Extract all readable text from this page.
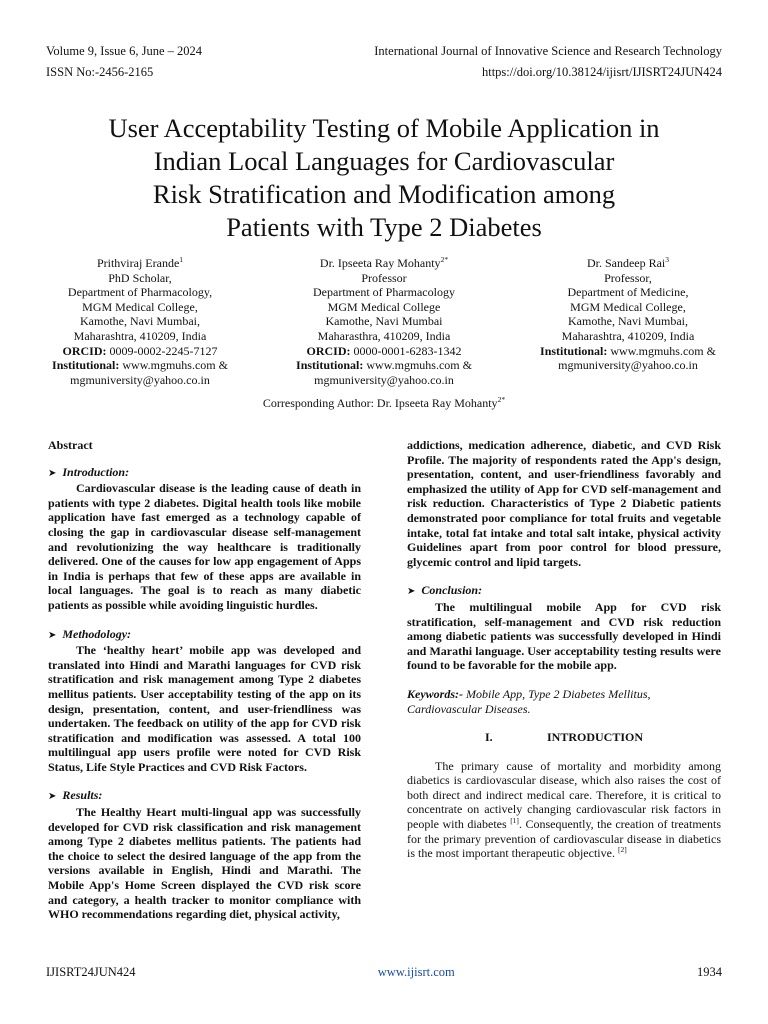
Volume 9, Issue 6, June – 2024	International Journal of Innovative Science and Research Technology
ISSN No:-2456-2165	https://doi.org/10.38124/ijisrt/IJISRT24JUN424
User Acceptability Testing of Mobile Application in
Indian Local Languages for Cardiovascular
Risk Stratification and Modification among
Patients with Type 2 Diabetes
Prithviraj Erande$^1$
PhD Scholar,
Department of Pharmacology,
MGM Medical College,
Kamothe, Navi Mumbai,
Maharashtra, 410209, India
ORCID: 0009-0002-2245-7127
Institutional: www.mgmuhs.com &
mgmuniversity@yahoo.co.in
Dr. Ipseeta Ray Mohanty$^{2*}$
Professor
Department of Pharmacology
MGM Medical College
Kamothe, Navi Mumbai
Maharasthra, 410209, India
ORCID: 0000-0001-6283-1342
Institutional: www.mgmuhs.com &
mgmuniversity@yahoo.co.in
Dr. Sandeep Rai$^3$
Professor,
Department of Medicine,
MGM Medical College,
Kamothe, Navi Mumbai,
Maharashtra, 410209, India
Institutional: www.mgmuhs.com &
mgmuniversity@yahoo.co.in
Corresponding Author: Dr. Ipseeta Ray Mohanty$^{2*}$

Abstract

➤ Introduction:

Cardiovascular disease is the leading cause of death in patients with type 2 diabetes. Digital health tools like mobile application have fast emerged as a technology capable of closing the gap in cardiovascular disease self-management and revolutionizing the way healthcare is traditionally delivered. One of the causes for low app engagement of Apps in India is perhaps that few of these apps are available in local languages. The goal is to reach as many diabetic patients as possible while avoiding linguistic hurdles.

➤ Methodology:

The ‘healthy heart’ mobile app was developed and translated into Hindi and Marathi languages for CVD risk stratification and risk management among Type 2 diabetes mellitus patients. User acceptability testing of the app on its design, presentation, content, and user-friendliness was undertaken. The feedback on utility of the app for CVD risk stratification and modification was assessed. A total 100 multilingual app users profile were noted for CVD Risk Status, Life Style Practices and CVD Risk Factors.

➤ Results:

The Healthy Heart multi-lingual app was successfully developed for CVD risk classification and risk management among Type 2 diabetes mellitus patients. The patients had the choice to select the desired language of the app from the versions available in English, Hindi and Marathi. The Mobile App's Home Screen displayed the CVD risk score and category, a health tracker to monitor compliance with WHO recommendations regarding diet, physical activity,

addictions, medication adherence, diabetic, and CVD Risk Profile. The majority of respondents rated the App's design, presentation, content, and user-friendliness favorably and emphasized the utility of App for CVD self-management and risk reduction. Characteristics of Type 2 Diabetic patients demonstrated poor compliance for total fruits and vegetable intake, total fat intake and total salt intake, physical activity Guidelines apart from poor control for blood pressure, glycemic control and lipid targets.

➤ Conclusion:

The multilingual mobile App for CVD risk stratification, self-management and CVD risk reduction among diabetic patients was successfully developed in Hindi and Marathi language. User acceptability testing results were found to be favorable for the mobile app.

Keywords:- Mobile App, Type 2 Diabetes Mellitus, Cardiovascular Diseases.

I.	INTRODUCTION

The primary cause of mortality and morbidity among diabetics is cardiovascular disease, which also raises the cost of both direct and indirect medical care. Therefore, it is critical to concentrate on actively changing cardiovascular risk factors in people with diabetes [1]. Consequently, the creation of treatments for the primary prevention of cardiovascular disease in diabetics is the most important therapeutic objective. [2]

IJISRT24JUN424	www.ijisrt.com	1934
